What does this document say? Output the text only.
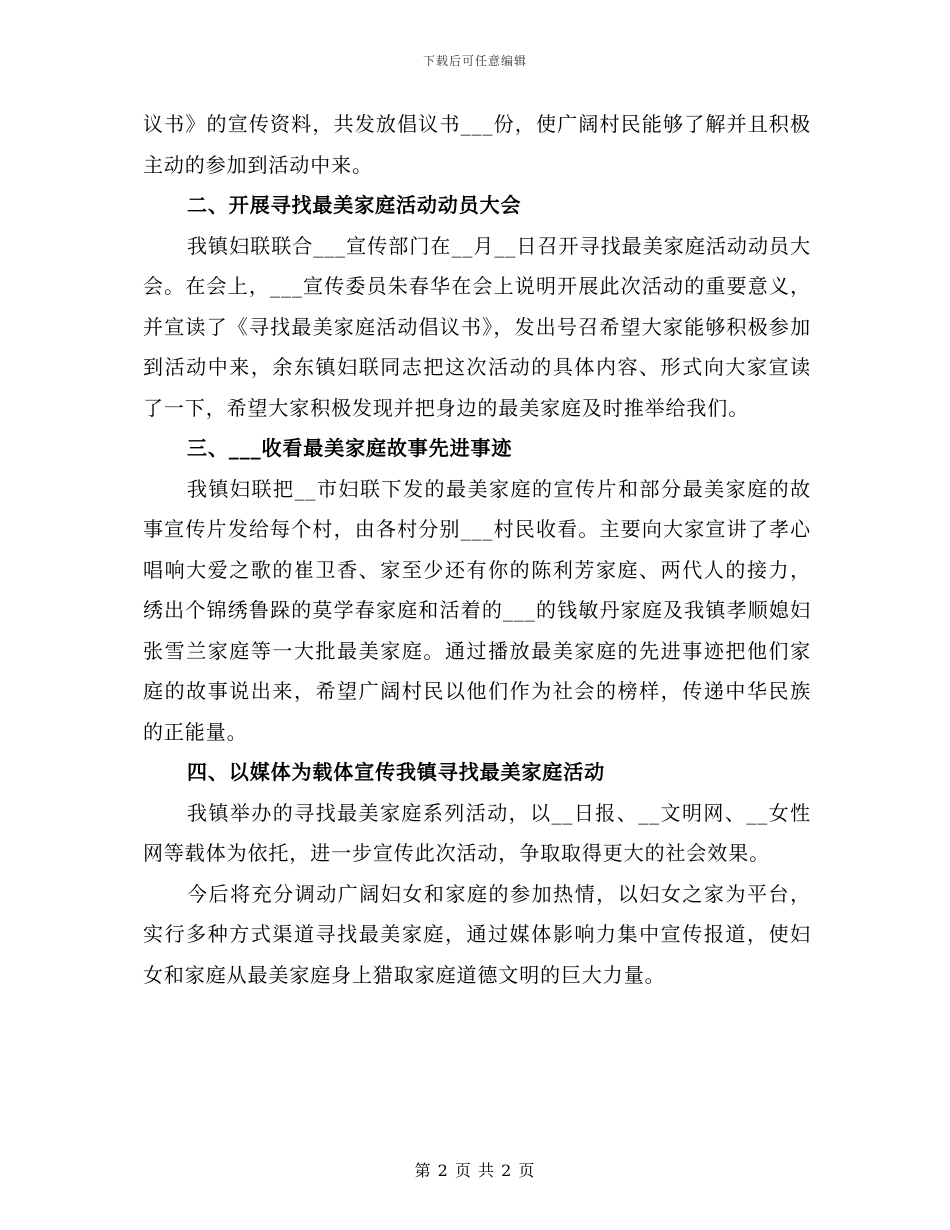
下载后可任意编辑

议书》的宣传资料，共发放倡议书___份，使广阔村民能够了解并且积极主动的参加到活动中来。

二、开展寻找最美家庭活动动员大会

我镇妇联联合___宣传部门在__月__日召开寻找最美家庭活动动员大会。在会上，___宣传委员朱春华在会上说明开展此次活动的重要意义，并宣读了《寻找最美家庭活动倡议书》，发出号召希望大家能够积极参加到活动中来，余东镇妇联同志把这次活动的具体内容、形式向大家宣读了一下，希望大家积极发现并把身边的最美家庭及时推举给我们。

三、___收看最美家庭故事先进事迹

我镇妇联把__市妇联下发的最美家庭的宣传片和部分最美家庭的故事宣传片发给每个村，由各村分别___村民收看。主要向大家宣讲了孝心唱响大爱之歌的崔卫香、家至少还有你的陈利芳家庭、两代人的接力，绣出个锦绣鲁跺的莫学春家庭和活着的___的钱敏丹家庭及我镇孝顺媳妇张雪兰家庭等一大批最美家庭。通过播放最美家庭的先进事迹把他们家庭的故事说出来，希望广阔村民以他们作为社会的榜样，传递中华民族的正能量。

四、以媒体为载体宣传我镇寻找最美家庭活动

我镇举办的寻找最美家庭系列活动，以__日报、__文明网、__女性网等载体为依托，进一步宣传此次活动，争取取得更大的社会效果。

今后将充分调动广阔妇女和家庭的参加热情，以妇女之家为平台，实行多种方式渠道寻找最美家庭，通过媒体影响力集中宣传报道，使妇女和家庭从最美家庭身上猎取家庭道德文明的巨大力量。

第 2 页 共 2 页
